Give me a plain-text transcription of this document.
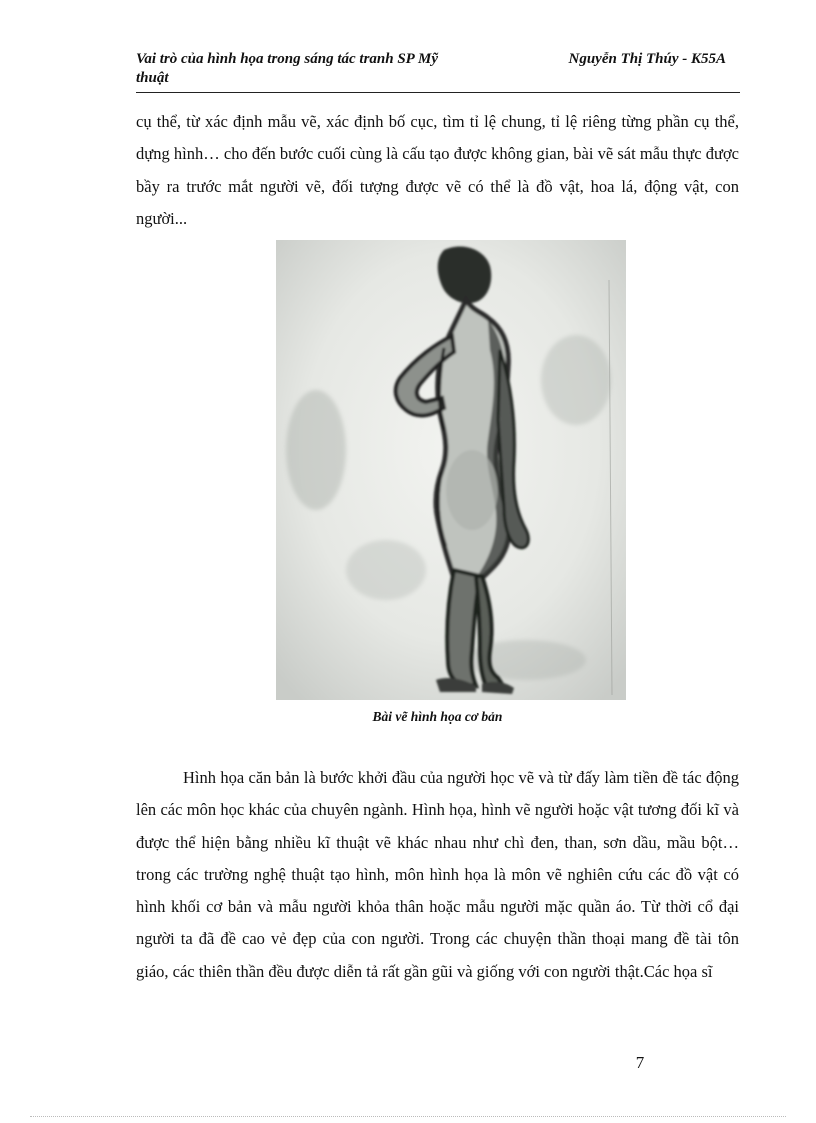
Vai trò của hình họa trong sáng tác tranh SP Mỹ thuật
Nguyễn Thị Thúy - K55A

cụ thể, từ xác định mẫu vẽ, xác định bố cục, tìm tỉ lệ chung, tỉ lệ riêng từng phần cụ thể, dựng hình… cho đến bước cuối cùng là cấu tạo được không gian, bài vẽ sát mẫu thực được bầy ra trước mắt người vẽ, đối tượng được vẽ có thể là đồ vật, hoa lá, động vật, con người...

Bài vẽ hình họa cơ bản

Hình họa căn bản là bước khởi đầu của người học vẽ và từ đấy làm tiền đề tác động lên các môn học khác của chuyên ngành. Hình họa, hình vẽ người hoặc vật tương đối kĩ và được thể hiện bằng nhiều kĩ thuật vẽ khác nhau như chì đen, than, sơn dầu, mầu bột… trong các trường nghệ thuật tạo hình, môn hình họa là môn vẽ nghiên cứu các đồ vật có hình khối cơ bản và mẫu người khỏa thân hoặc mẫu người mặc quần áo. Từ thời cổ đại người ta đã đề cao vẻ đẹp của con người. Trong các chuyện thần thoại mang đề tài tôn giáo, các thiên thần đều được diễn tả rất gần gũi và giống với con người thật.Các họa sĩ

7
